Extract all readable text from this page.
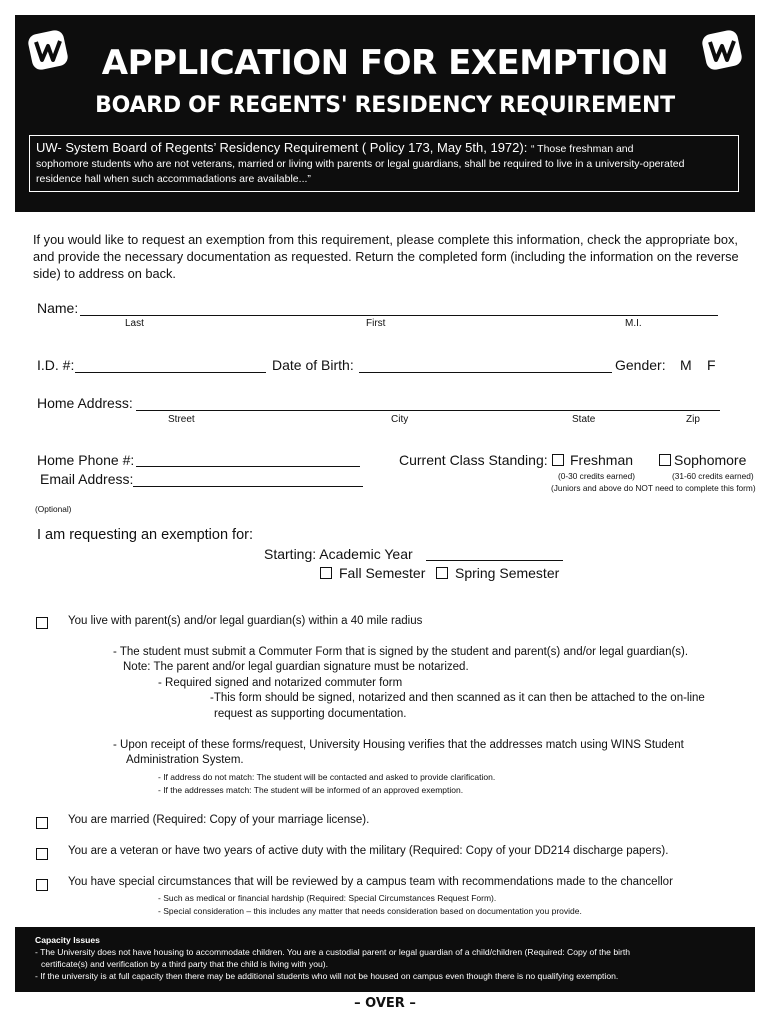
APPLICATION FOR EXEMPTION
BOARD OF REGENTS' RESIDENCY REQUIREMENT
UW- System Board of Regents’ Residency Requirement ( Policy 173, May 5th, 1972): “ Those freshman and
sophomore students who are not veterans, married or living with parents or legal guardians, shall be required to live in a university-operated residence hall when such accommadations are available...”
If you would like to request an exemption from this requirement, please complete this information, check the appropriate box, and provide the necessary documentation as requested. Return the completed form (including the information on the reverse side) to address on back.
Name:
Last	First	M.I.
I.D. #:	Date of Birth:	Gender: M F
Home Address:
Street	City	State	Zip
Home Phone #:
Email Address:
(Optional)
Current Class Standing: Freshman	Sophomore
(0-30 credits earned)	(31-60 credits earned)
(Juniors and above do NOT need to complete this form)
I am requesting an exemption for:
Starting: Academic Year
Fall Semester Spring Semester
You live with parent(s) and/or legal guardian(s) within a 40 mile radius
- The student must submit a Commuter Form that is signed by the student and parent(s) and/or legal guardian(s).
Note: The parent and/or legal guardian signature must be notarized.
- Required signed and notarized commuter form
-This form should be signed, notarized and then scanned as it can then be attached to the on-line
request as supporting documentation.
- Upon receipt of these forms/request, University Housing verifies that the addresses match using WINS Student
Administration System.
- If address do not match: The student will be contacted and asked to provide clarification.
- If the addresses match: The student will be informed of an approved exemption.
You are married (Required: Copy of your marriage license).
You are a veteran or have two years of active duty with the military (Required: Copy of your DD214 discharge papers).
You have special circumstances that will be reviewed by a campus team with recommendations made to the chancellor
- Such as medical or financial hardship (Required: Special Circumstances Request Form).
- Special consideration – this includes any matter that needs consideration based on documentation you provide.
Capacity Issues
- The University does not have housing to accommodate children. You are a custodial parent or legal guardian of a child/children (Required: Copy of the birth
certificate(s) and verification by a third party that the child is living with you).
- If the university is at full capacity then there may be additional students who will not be housed on campus even though there is no qualifying exemption.
– OVER –
